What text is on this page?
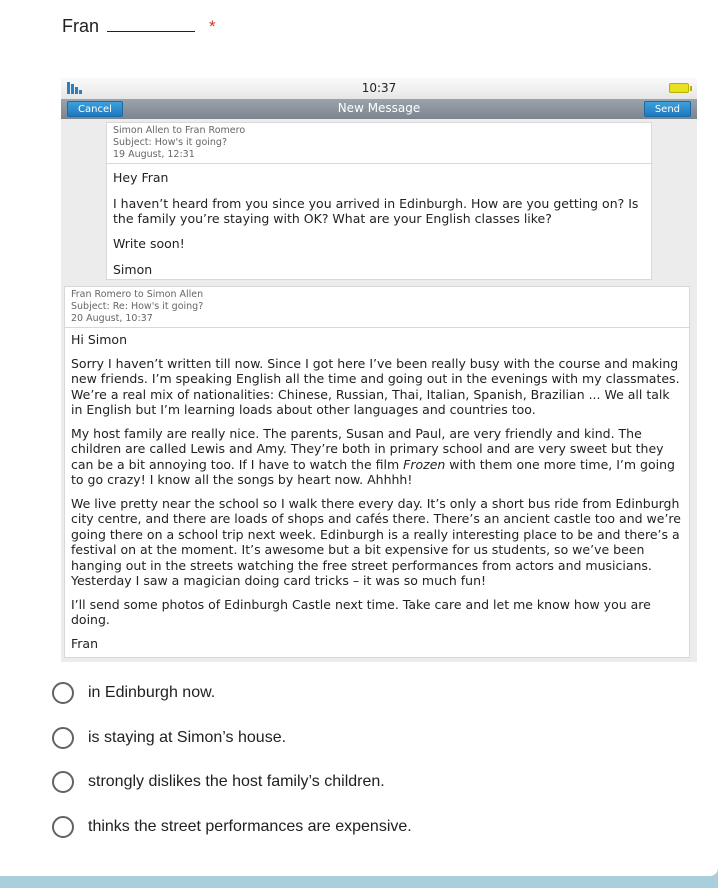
Fran	*
10:37
Cancel	New Message	Send
Simon Allen to Fran Romero
Subject: How's it going?
19 August, 12:31

Hey Fran

I haven’t heard from you since you arrived in Edinburgh. How are you getting on? Is the family you’re staying with OK? What are your English classes like?

Write soon!

Simon

Fran Romero to Simon Allen
Subject: Re: How's it going?
20 August, 10:37

Hi Simon

Sorry I haven’t written till now. Since I got here I’ve been really busy with the course and making new friends. I’m speaking English all the time and going out in the evenings with my classmates. We’re a real mix of nationalities: Chinese, Russian, Thai, Italian, Spanish, Brazilian ... We all talk in English but I’m learning loads about other languages and countries too.

My host family are really nice. The parents, Susan and Paul, are very friendly and kind. The children are called Lewis and Amy. They’re both in primary school and are very sweet but they can be a bit annoying too. If I have to watch the film Frozen with them one more time, I’m going to go crazy! I know all the songs by heart now. Ahhhh!

We live pretty near the school so I walk there every day. It’s only a short bus ride from Edinburgh city centre, and there are loads of shops and cafés there. There’s an ancient castle too and we’re going there on a school trip next week. Edinburgh is a really interesting place to be and there’s a festival on at the moment. It’s awesome but a bit expensive for us students, so we’ve been hanging out in the streets watching the free street performances from actors and musicians. Yesterday I saw a magician doing card tricks – it was so much fun!

I’ll send some photos of Edinburgh Castle next time. Take care and let me know how you are doing.

Fran

in Edinburgh now.
is staying at Simon’s house.
strongly dislikes the host family’s children.
thinks the street performances are expensive.
